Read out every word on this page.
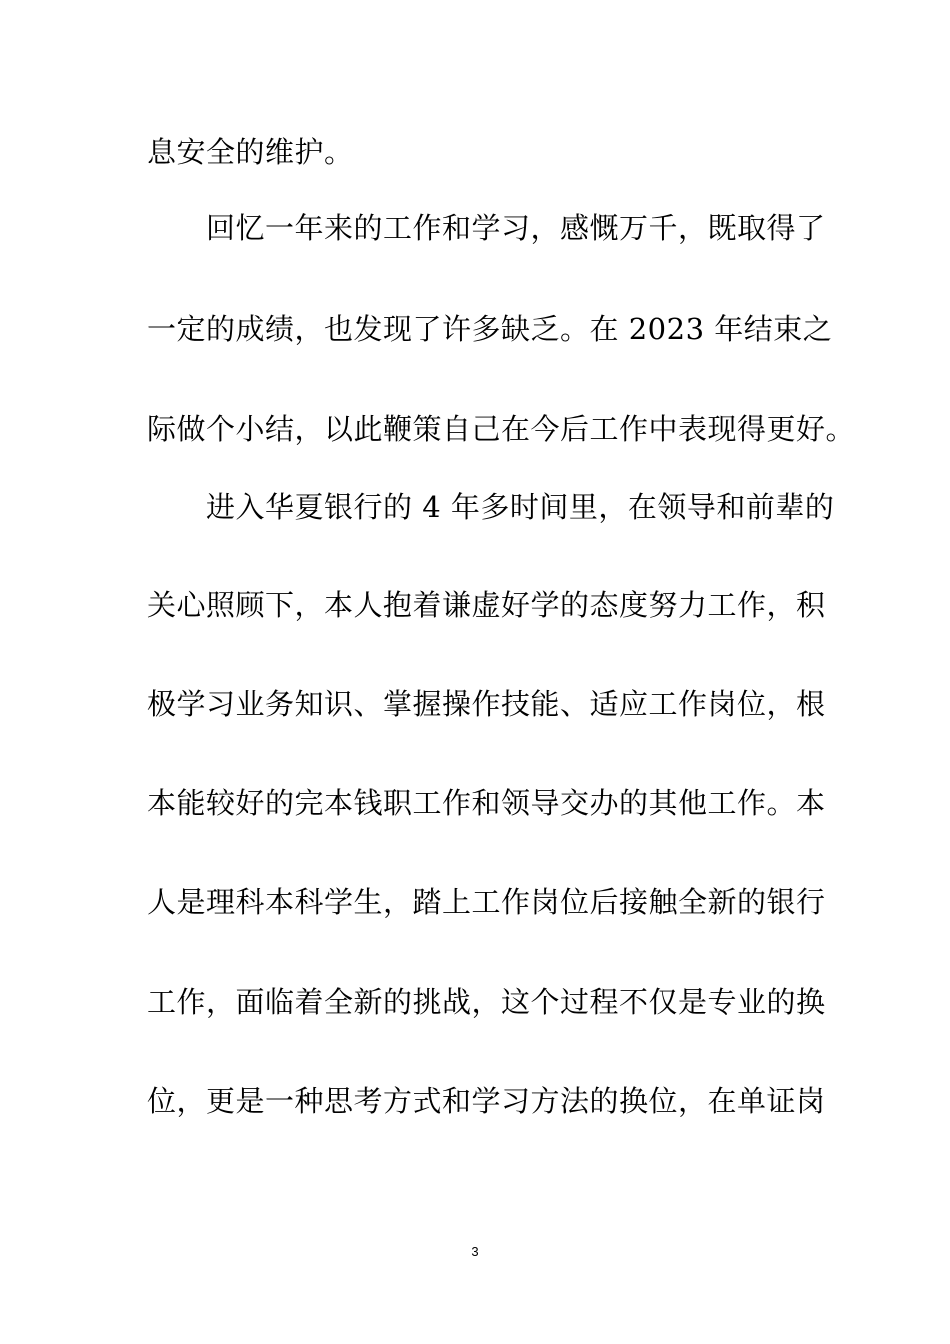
息安全的维护。
　　回忆一年来的工作和学习，感慨万千，既取得了
一定的成绩，也发现了许多缺乏。在 2023 年结束之
际做个小结，以此鞭策自己在今后工作中表现得更好。
　　进入华夏银行的 4 年多时间里，在领导和前辈的
关心照顾下，本人抱着谦虚好学的态度努力工作，积
极学习业务知识、掌握操作技能、适应工作岗位，根
本能较好的完本钱职工作和领导交办的其他工作。本
人是理科本科学生，踏上工作岗位后接触全新的银行
工作，面临着全新的挑战，这个过程不仅是专业的换
位，更是一种思考方式和学习方法的换位，在单证岗
3
